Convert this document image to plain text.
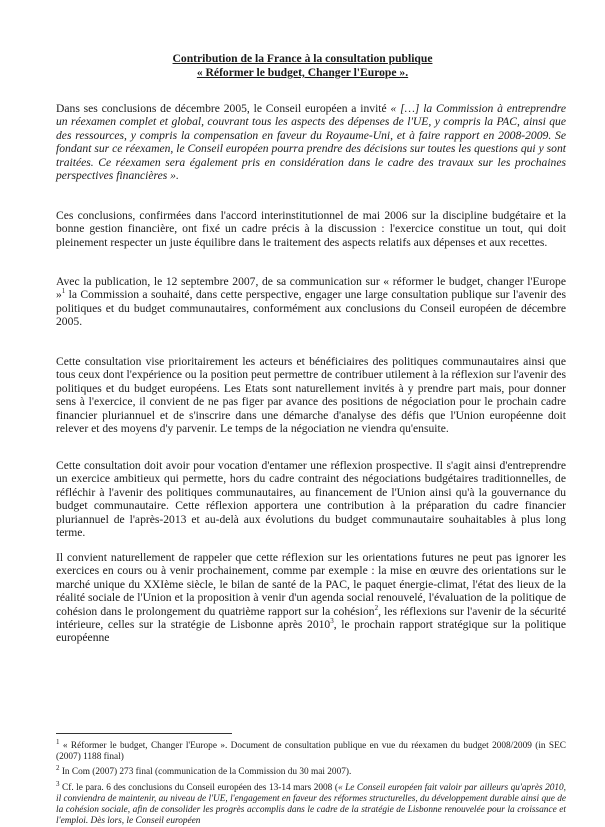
Contribution de la France à la consultation publique
« Réformer le budget, Changer l'Europe ».

Dans ses conclusions de décembre 2005, le Conseil européen a invité « […] la Commission à entreprendre un réexamen complet et global, couvrant tous les aspects des dépenses de l'UE, y compris la PAC, ainsi que des ressources, y compris la compensation en faveur du Royaume-Uni, et à faire rapport en 2008-2009. Se fondant sur ce réexamen, le Conseil européen pourra prendre des décisions sur toutes les questions qui y sont traitées. Ce réexamen sera également pris en considération dans le cadre des travaux sur les prochaines perspectives financières ».

Ces conclusions, confirmées dans l'accord interinstitutionnel de mai 2006 sur la discipline budgétaire et la bonne gestion financière, ont fixé un cadre précis à la discussion : l'exercice constitue un tout, qui doit pleinement respecter un juste équilibre dans le traitement des aspects relatifs aux dépenses et aux recettes.

Avec la publication, le 12 septembre 2007, de sa communication sur « réformer le budget, changer l'Europe »$^1$ la Commission a souhaité, dans cette perspective, engager une large consultation publique sur l'avenir des politiques et du budget communautaires, conformément aux conclusions du Conseil européen de décembre 2005.

Cette consultation vise prioritairement les acteurs et bénéficiaires des politiques communautaires ainsi que tous ceux dont l'expérience ou la position peut permettre de contribuer utilement à la réflexion sur l'avenir des politiques et du budget européens. Les Etats sont naturellement invités à y prendre part mais, pour donner sens à l'exercice, il convient de ne pas figer par avance des positions de négociation pour le prochain cadre financier pluriannuel et de s'inscrire dans une démarche d'analyse des défis que l'Union européenne doit relever et des moyens d'y parvenir. Le temps de la négociation ne viendra qu'ensuite.

Cette consultation doit avoir pour vocation d'entamer une réflexion prospective. Il s'agit ainsi d'entreprendre un exercice ambitieux qui permette, hors du cadre contraint des négociations budgétaires traditionnelles, de réfléchir à l'avenir des politiques communautaires, au financement de l'Union ainsi qu'à la gouvernance du budget communautaire. Cette réflexion apportera une contribution à la préparation du cadre financier pluriannuel de l'après-2013 et au-delà aux évolutions du budget communautaire souhaitables à plus long terme.

Il convient naturellement de rappeler que cette réflexion sur les orientations futures ne peut pas ignorer les exercices en cours ou à venir prochainement, comme par exemple : la mise en œuvre des orientations sur le marché unique du XXIème siècle, le bilan de santé de la PAC, le paquet énergie-climat, l'état des lieux de la réalité sociale de l'Union et la proposition à venir d'un agenda social renouvelé, l'évaluation de la politique de cohésion dans le prolongement du quatrième rapport sur la cohésion$^2$, les réflexions sur l'avenir de la sécurité intérieure, celles sur la stratégie de Lisbonne après 2010$^3$, le prochain rapport stratégique sur la politique européenne

$^1$ « Réformer le budget, Changer l'Europe ». Document de consultation publique en vue du réexamen du budget 2008/2009 (in SEC (2007) 1188 final)

$^2$ In Com (2007) 273 final (communication de la Commission du 30 mai 2007).

$^3$ Cf. le para. 6 des conclusions du Conseil européen des 13-14 mars 2008 (« Le Conseil européen fait valoir par ailleurs qu'après 2010, il conviendra de maintenir, au niveau de l'UE, l'engagement en faveur des réformes structurelles, du développement durable ainsi que de la cohésion sociale, afin de consolider les progrès accomplis dans le cadre de la stratégie de Lisbonne renouvelée pour la croissance et l'emploi. Dès lors, le Conseil européen
